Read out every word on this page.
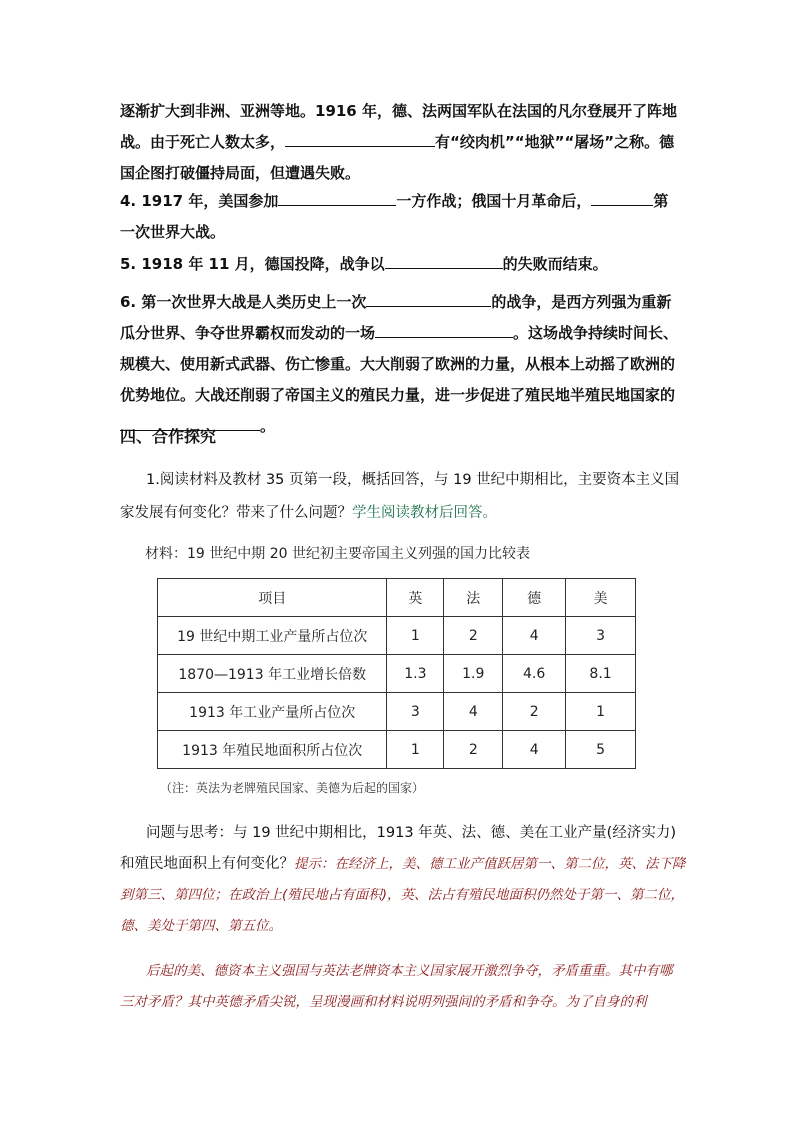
逐渐扩大到非洲、亚洲等地。1916 年，德、法两国军队在法国的凡尔登展开了阵地战。由于死亡人数太多，	有“绞肉机”“地狱”“屠场”之称。德国企图打破僵持局面，但遭遇失败。
4. 1917 年，美国参加	一方作战；俄国十月革命后，	第一次世界大战。
5. 1918 年 11 月，德国投降，战争以	的失败而结束。
6. 第一次世界大战是人类历史上一次	的战争，是西方列强为重新瓜分世界、争夺世界霸权而发动的一场	。这场战争持续时间长、规模大、使用新式武器、伤亡惨重。大大削弱了欧洲的力量，从根本上动摇了欧洲的优势地位。大战还削弱了帝国主义的殖民力量，进一步促进了殖民地半殖民地国家的。
四、合作探究
1.阅读材料及教材 35 页第一段，概括回答，与 19 世纪中期相比，主要资本主义国家发展有何变化？带来了什么问题？学生阅读教材后回答。
材料：19 世纪中期 20 世纪初主要帝国主义列强的国力比较表
项目	英	法	德	美
19 世纪中期工业产量所占位次	1	2	4	3
1870—1913 年工业增长倍数	1.3	1.9	4.6	8.1
1913 年工业产量所占位次	3	4	2	1
1913 年殖民地面积所占位次	1	2	4	5
（注：英法为老牌殖民国家、美德为后起的国家）
问题与思考：与 19 世纪中期相比，1913 年英、法、德、美在工业产量(经济实力)和殖民地面积上有何变化？提示：在经济上，美、德工业产值跃居第一、第二位，英、法下降到第三、第四位；在政治上(殖民地占有面积)，英、法占有殖民地面积仍然处于第一、第二位，德、美处于第四、第五位。
后起的美、德资本主义强国与英法老牌资本主义国家展开激烈争夺，矛盾重重。其中有哪三对矛盾？其中英德矛盾尖锐，呈现漫画和材料说明列强间的矛盾和争夺。为了自身的利
